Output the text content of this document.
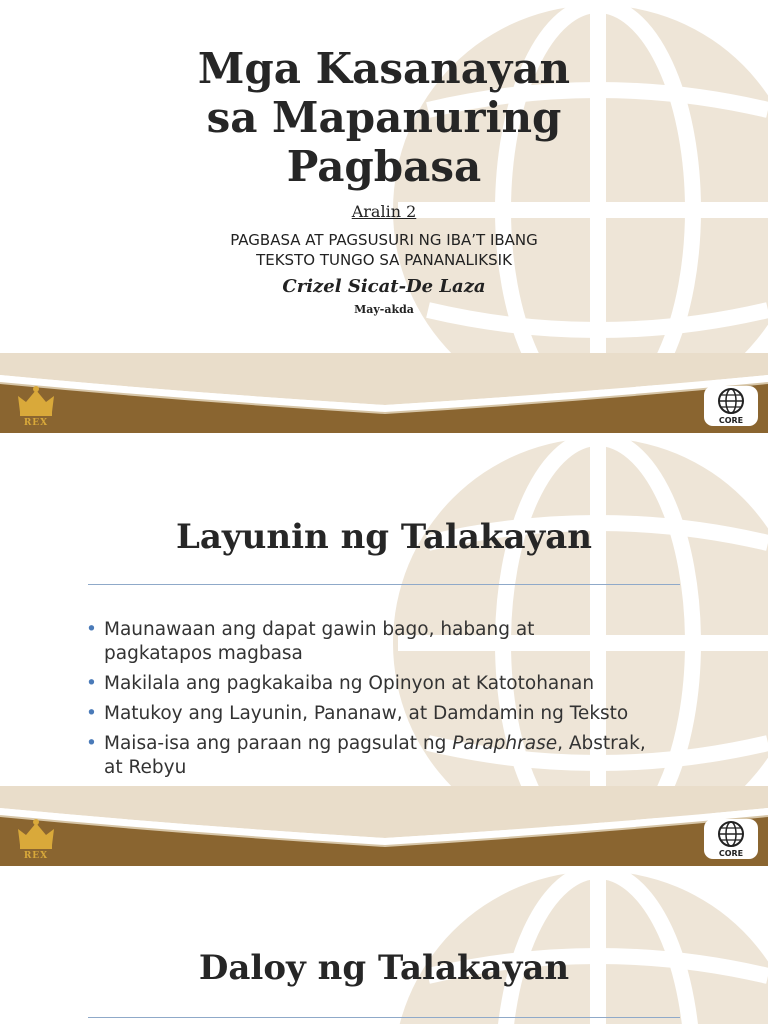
Mga Kasanayan
sa Mapanuring
Pagbasa
Aralin 2
PAGBASA AT PAGSUSURI NG IBA’T IBANG
TEKSTO TUNGO SA PANANALIKSIK
Crizel Sicat-De Laza
May-akda
REX	CORE
Layunin ng Talakayan
• Maunawaan ang dapat gawin bago, habang at pagkatapos magbasa
• Makilala ang pagkakaiba ng Opinyon at Katotohanan
• Matukoy ang Layunin, Pananaw, at Damdamin ng Teksto
• Maisa-isa ang paraan ng pagsulat ng Paraphrase, Abstrak, at Rebyu
REX	CORE
Daloy ng Talakayan
